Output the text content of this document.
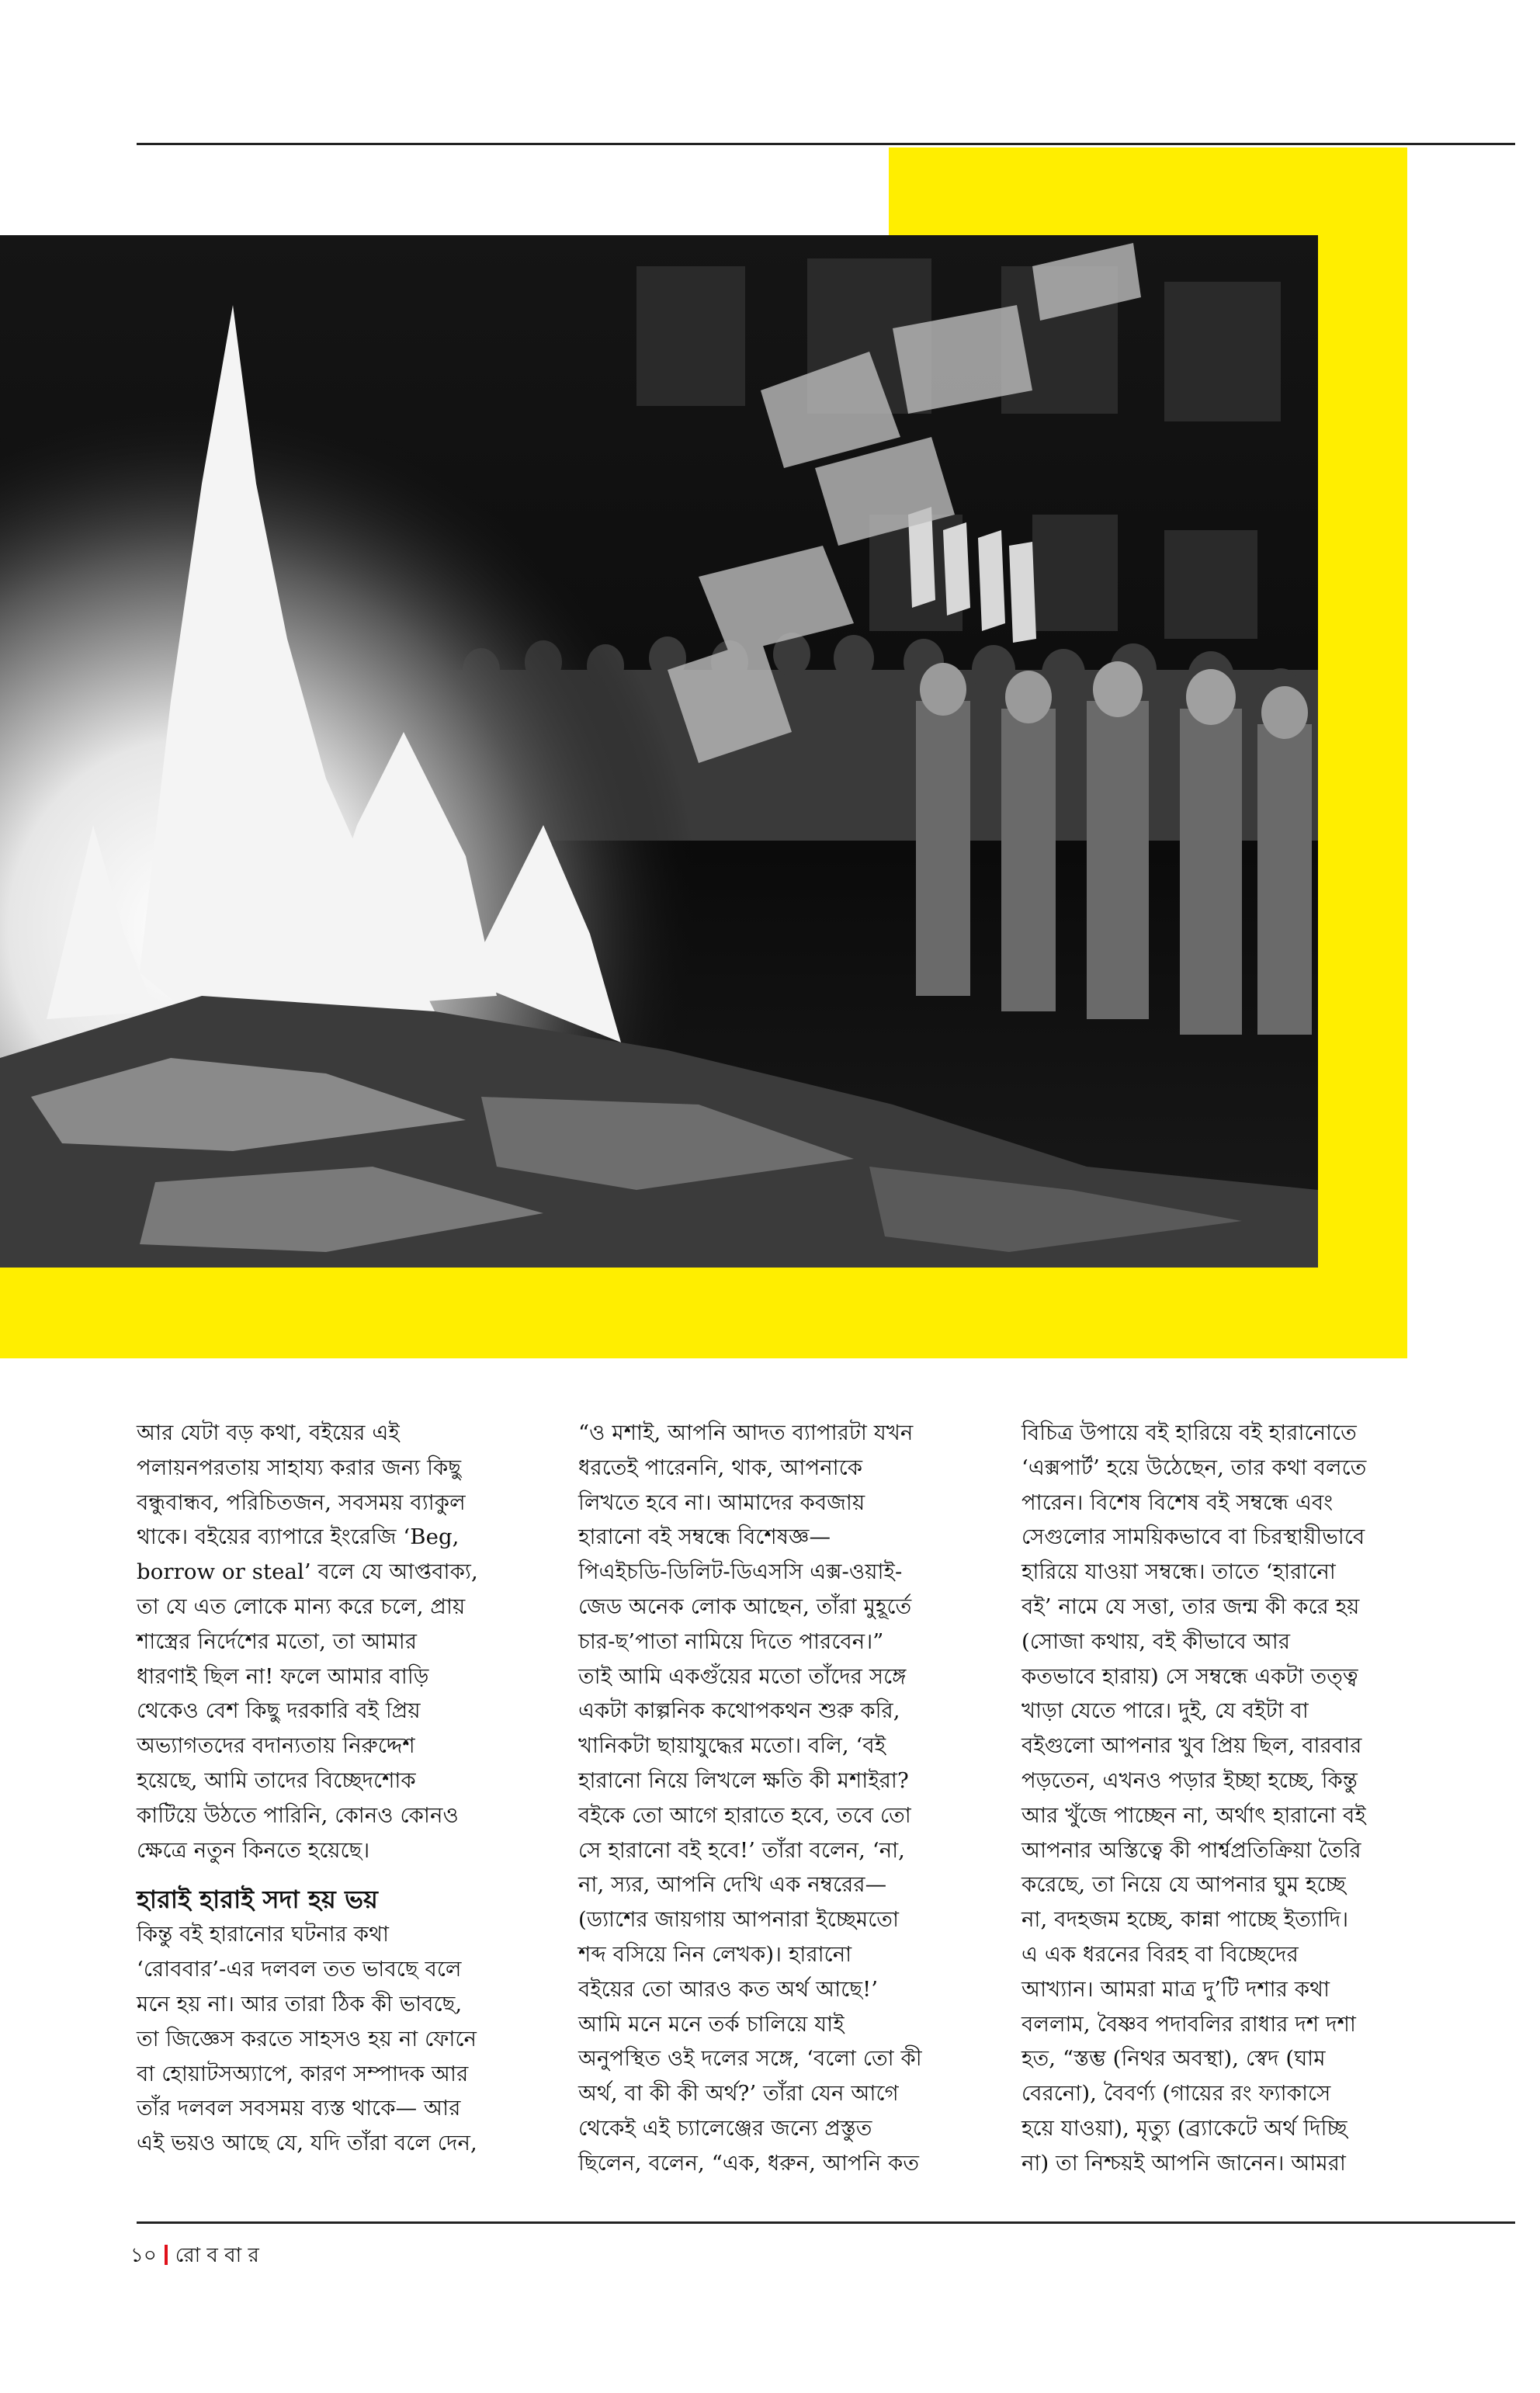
আর যেটা বড় কথা, বইয়ের এই

পলায়নপরতায় সাহায্য করার জন্য কিছু

বন্ধুবান্ধব, পরিচিতজন, সবসময় ব্যাকুল

থাকে। বইয়ের ব্যাপারে ইংরেজি ‘Beg,

borrow or steal’ বলে যে আপ্তবাক্য,

তা যে এত লোকে মান্য করে চলে, প্রায়

শাস্ত্রের নির্দেশের মতো, তা আমার

ধারণাই ছিল না! ফলে আমার বাড়ি

থেকেও বেশ কিছু দরকারি বই প্রিয়

অভ্যাগতদের বদান্যতায় নিরুদ্দেশ

হয়েছে, আমি তাদের বিচ্ছেদশোক

কাটিয়ে উঠতে পারিনি, কোনও কোনও

ক্ষেত্রে নতুন কিনতে হয়েছে।

হারাই হারাই সদা হয় ভয়

কিন্তু বই হারানোর ঘটনার কথা

‘রোববার’-এর দলবল তত ভাবছে বলে

মনে হয় না। আর তারা ঠিক কী ভাবছে,

তা জিজ্ঞেস করতে সাহসও হয় না ফোনে

বা হোয়াটসঅ্যাপে, কারণ সম্পাদক আর

তাঁর দলবল সবসময় ব্যস্ত থাকে— আর

এই ভয়ও আছে যে, যদি তাঁরা বলে দেন,

“ও মশাই, আপনি আদত ব্যাপারটা যখন

ধরতেই পারেননি, থাক, আপনাকে

লিখতে হবে না। আমাদের কবজায়

হারানো বই সম্বন্ধে বিশেষজ্ঞ—

পিএইচডি-ডিলিট-ডিএসসি এক্স-ওয়াই-

জেড অনেক লোক আছেন, তাঁরা মুহূর্তে

চার-ছ’পাতা নামিয়ে দিতে পারবেন।”

তাই আমি একগুঁয়ের মতো তাঁদের সঙ্গে

একটা কাল্পনিক কথোপকথন শুরু করি,

খানিকটা ছায়াযুদ্ধের মতো। বলি, ‘বই

হারানো নিয়ে লিখলে ক্ষতি কী মশাইরা?

বইকে তো আগে হারাতে হবে, তবে তো

সে হারানো বই হবে!’ তাঁরা বলেন, ‘না,

না, স্যর, আপনি দেখি এক নম্বরের—

(ড্যাশের জায়গায় আপনারা ইচ্ছেমতো

শব্দ বসিয়ে নিন লেখক)। হারানো

বইয়ের তো আরও কত অর্থ আছে!’

আমি মনে মনে তর্ক চালিয়ে যাই

অনুপস্থিত ওই দলের সঙ্গে, ‘বলো তো কী

অর্থ, বা কী কী অর্থ?’ তাঁরা যেন আগে

থেকেই এই চ্যালেঞ্জের জন্যে প্রস্তুত

ছিলেন, বলেন, “এক, ধরুন, আপনি কত

বিচিত্র উপায়ে বই হারিয়ে বই হারানোতে

‘এক্সপার্ট’ হয়ে উঠেছেন, তার কথা বলতে

পারেন। বিশেষ বিশেষ বই সম্বন্ধে এবং

সেগুলোর সাময়িকভাবে বা চিরস্থায়ীভাবে

হারিয়ে যাওয়া সম্বন্ধে। তাতে ‘হারানো

বই’ নামে যে সত্তা, তার জন্ম কী করে হয়

(সোজা কথায়, বই কীভাবে আর

কতভাবে হারায়) সে সম্বন্ধে একটা তত্ত্ব

খাড়া যেতে পারে। দুই, যে বইটা বা

বইগুলো আপনার খুব প্রিয় ছিল, বারবার

পড়তেন, এখনও পড়ার ইচ্ছা হচ্ছে, কিন্তু

আর খুঁজে পাচ্ছেন না, অর্থাৎ হারানো বই

আপনার অস্তিত্বে কী পার্শ্বপ্রতিক্রিয়া তৈরি

করেছে, তা নিয়ে যে আপনার ঘুম হচ্ছে

না, বদহজম হচ্ছে, কান্না পাচ্ছে ইত্যাদি।

এ এক ধরনের বিরহ বা বিচ্ছেদের

আখ্যান। আমরা মাত্র দু’টি দশার কথা

বললাম, বৈষ্ণব পদাবলির রাধার দশ দশা

হত, “স্তম্ভ (নিথর অবস্থা), স্বেদ (ঘাম

বেরনো), বৈবর্ণ্য (গায়ের রং ফ্যাকাসে

হয়ে যাওয়া), মৃত্যু (ব্র্যাকেটে অর্থ দিচ্ছি

না) তা নিশ্চয়ই আপনি জানেন। আমরা

১০ রো ব বা র
